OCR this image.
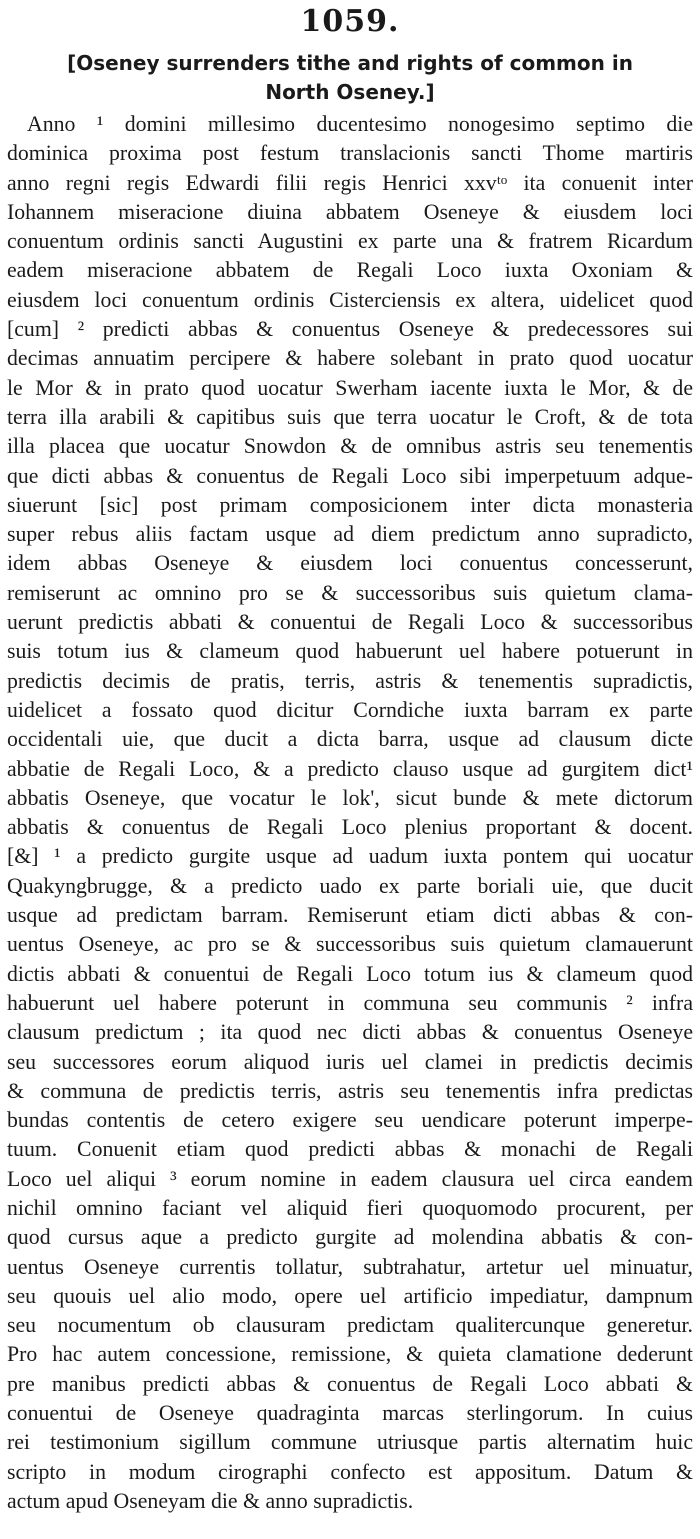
1059.
[Oseney surrenders tithe and rights of common in
North Oseney.]
Anno ¹ domini millesimo ducentesimo nonogesimo septimo die
dominica proxima post festum translacionis sancti Thome martiris
anno regni regis Edwardi filii regis Henrici xxvᵗᵒ ita conuenit inter
Iohannem miseracione diuina abbatem Oseneye & eiusdem loci
conuentum ordinis sancti Augustini ex parte una & fratrem Ricardum
eadem miseracione abbatem de Regali Loco iuxta Oxoniam &
eiusdem loci conuentum ordinis Cisterciensis ex altera, uidelicet quod
[cum] ² predicti abbas & conuentus Oseneye & predecessores sui
decimas annuatim percipere & habere solebant in prato quod uocatur
le Mor & in prato quod uocatur Swerham iacente iuxta le Mor, & de
terra illa arabili & capitibus suis que terra uocatur le Croft, & de tota
illa placea que uocatur Snowdon & de omnibus astris seu tenementis
que dicti abbas & conuentus de Regali Loco sibi imperpetuum adque-
siuerunt [sic] post primam composicionem inter dicta monasteria
super rebus aliis factam usque ad diem predictum anno supradicto,
idem abbas Oseneye & eiusdem loci conuentus concesserunt,
remiserunt ac omnino pro se & successoribus suis quietum clama-
uerunt predictis abbati & conuentui de Regali Loco & successoribus
suis totum ius & clameum quod habuerunt uel habere potuerunt in
predictis decimis de pratis, terris, astris & tenementis supradictis,
uidelicet a fossato quod dicitur Corndiche iuxta barram ex parte
occidentali uie, que ducit a dicta barra, usque ad clausum dicte
abbatie de Regali Loco, & a predicto clauso usque ad gurgitem dict¹
abbatis Oseneye, que vocatur le lok', sicut bunde & mete dictorum
abbatis & conuentus de Regali Loco plenius proportant & docent.
[&] ¹ a predicto gurgite usque ad uadum iuxta pontem qui uocatur
Quakyngbrugge, & a predicto uado ex parte boriali uie, que ducit
usque ad predictam barram. Remiserunt etiam dicti abbas & con-
uentus Oseneye, ac pro se & successoribus suis quietum clamauerunt
dictis abbati & conuentui de Regali Loco totum ius & clameum quod
habuerunt uel habere poterunt in communa seu communis ² infra
clausum predictum ; ita quod nec dicti abbas & conuentus Oseneye
seu successores eorum aliquod iuris uel clamei in predictis decimis
& communa de predictis terris, astris seu tenementis infra predictas
bundas contentis de cetero exigere seu uendicare poterunt imperpe-
tuum. Conuenit etiam quod predicti abbas & monachi de Regali
Loco uel aliqui ³ eorum nomine in eadem clausura uel circa eandem
nichil omnino faciant vel aliquid fieri quoquomodo procurent, per
quod cursus aque a predicto gurgite ad molendina abbatis & con-
uentus Oseneye currentis tollatur, subtrahatur, artetur uel minuatur,
seu quouis uel alio modo, opere uel artificio impediatur, dampnum
seu nocumentum ob clausuram predictam qualitercunque generetur.
Pro hac autem concessione, remissione, & quieta clamatione dederunt
pre manibus predicti abbas & conuentus de Regali Loco abbati &
conuentui de Oseneye quadraginta marcas sterlingorum. In cuius
rei testimonium sigillum commune utriusque partis alternatim huic
scripto in modum cirographi confecto est appositum. Datum &
actum apud Oseneyam die & anno supradictis.
